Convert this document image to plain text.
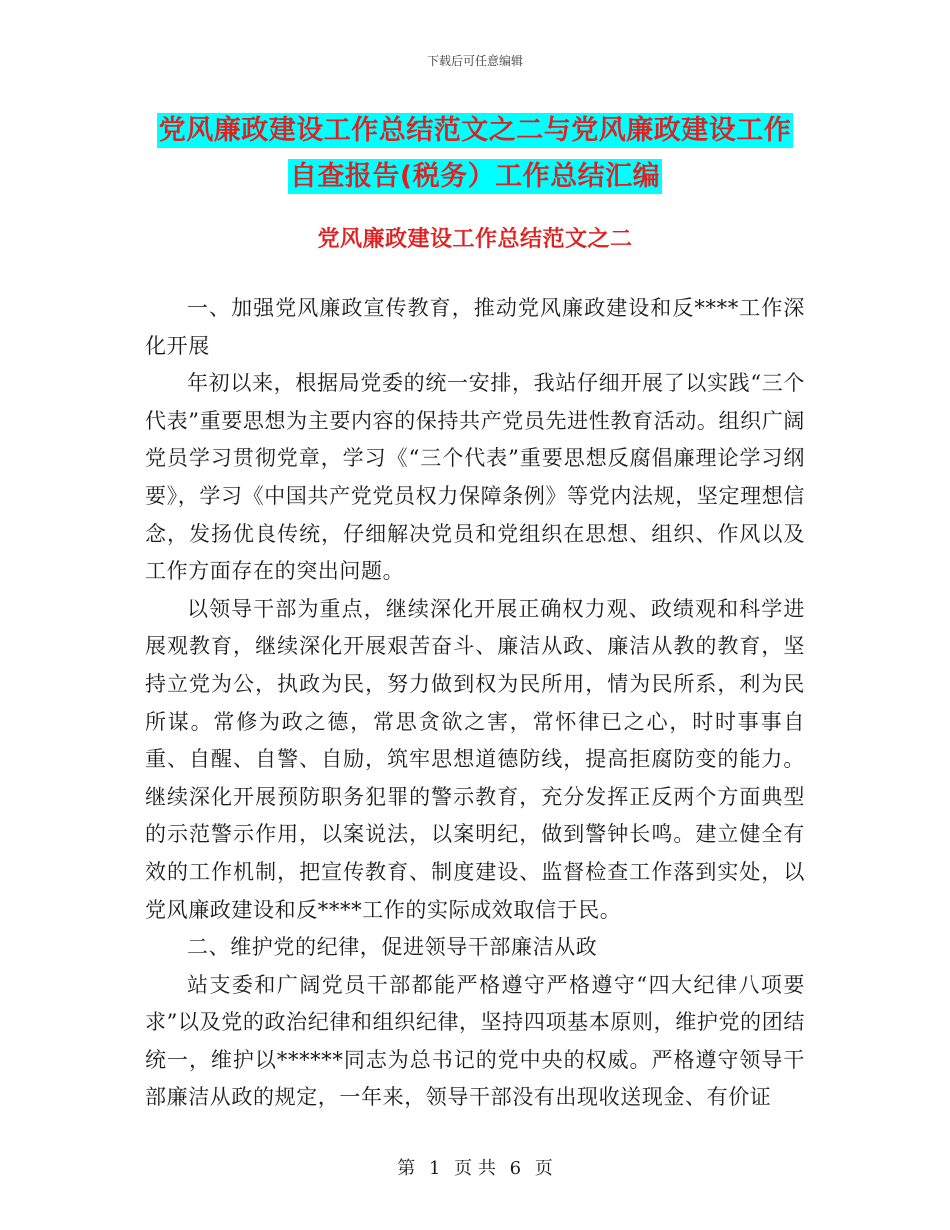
下载后可任意编辑
党风廉政建设工作总结范文之二与党风廉政建设工作
自查报告(税务）工作总结汇编
党风廉政建设工作总结范文之二

一、加强党风廉政宣传教育，推动党风廉政建设和反****工作深化开展

年初以来，根据局党委的统一安排，我站仔细开展了以实践“三个代表”重要思想为主要内容的保持共产党员先进性教育活动。组织广阔党员学习贯彻党章，学习《“三个代表”重要思想反腐倡廉理论学习纲要》，学习《中国共产党党员权力保障条例》等党内法规，坚定理想信念，发扬优良传统，仔细解决党员和党组织在思想、组织、作风以及工作方面存在的突出问题。

以领导干部为重点，继续深化开展正确权力观、政绩观和科学进展观教育，继续深化开展艰苦奋斗、廉洁从政、廉洁从教的教育，坚持立党为公，执政为民，努力做到权为民所用，情为民所系，利为民所谋。常修为政之德，常思贪欲之害，常怀律已之心，时时事事自重、自醒、自警、自励，筑牢思想道德防线，提高拒腐防变的能力。继续深化开展预防职务犯罪的警示教育，充分发挥正反两个方面典型的示范警示作用，以案说法，以案明纪，做到警钟长鸣。建立健全有效的工作机制，把宣传教育、制度建设、监督检查工作落到实处，以党风廉政建设和反****工作的实际成效取信于民。

二、维护党的纪律，促进领导干部廉洁从政

站支委和广阔党员干部都能严格遵守严格遵守“四大纪律八项要求”以及党的政治纪律和组织纪律，坚持四项基本原则，维护党的团结统一，维护以******同志为总书记的党中央的权威。严格遵守领导干部廉洁从政的规定，一年来，领导干部没有出现收送现金、有价证

第 1 页 共 6 页
